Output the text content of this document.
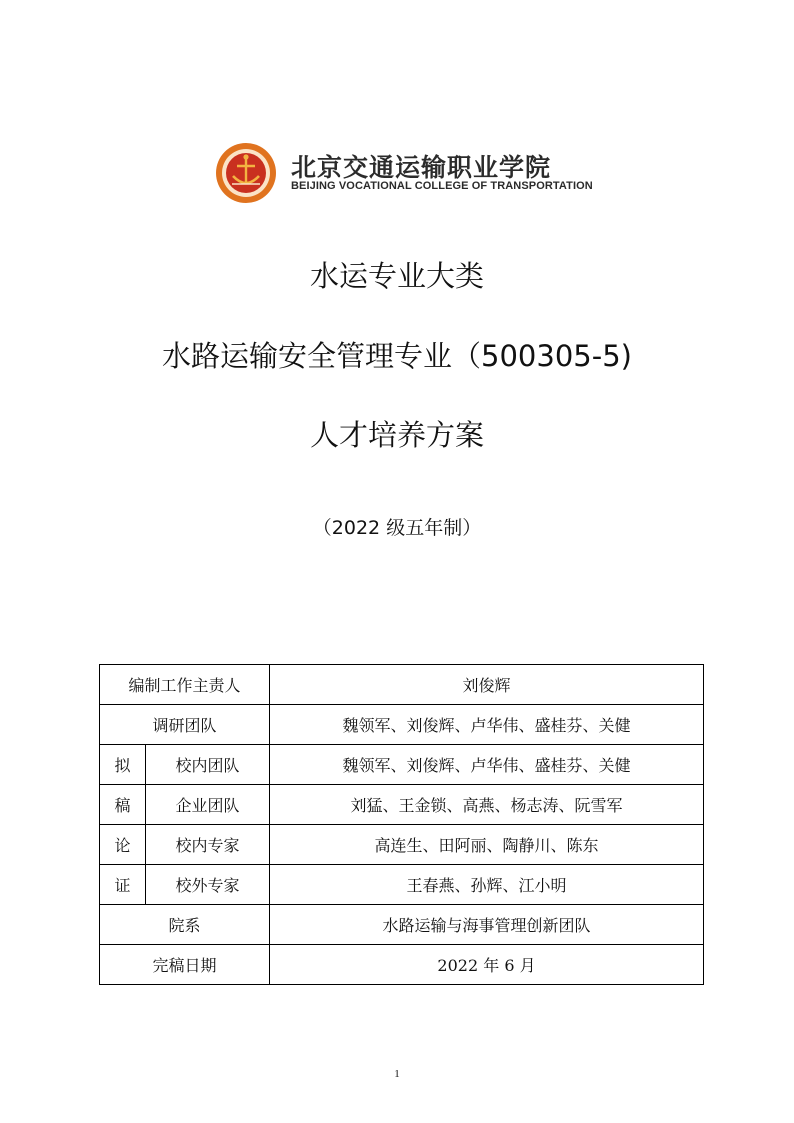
北京交通运输职业学院
BEIJING VOCATIONAL COLLEGE OF TRANSPORTATION
水运专业大类
水路运输安全管理专业（500305-5)
人才培养方案
（2022 级五年制）
编制工作主责人		刘俊辉
调研团队		魏领军、刘俊辉、卢华伟、盛桂芬、关健
拟	校内团队	魏领军、刘俊辉、卢华伟、盛桂芬、关健
稿	企业团队	刘猛、王金锁、高燕、杨志涛、阮雪军
论	校内专家	高连生、田阿丽、陶静川、陈东
证	校外专家	王春燕、孙辉、江小明
院系		水路运输与海事管理创新团队
完稿日期		2022 年 6 月
1
